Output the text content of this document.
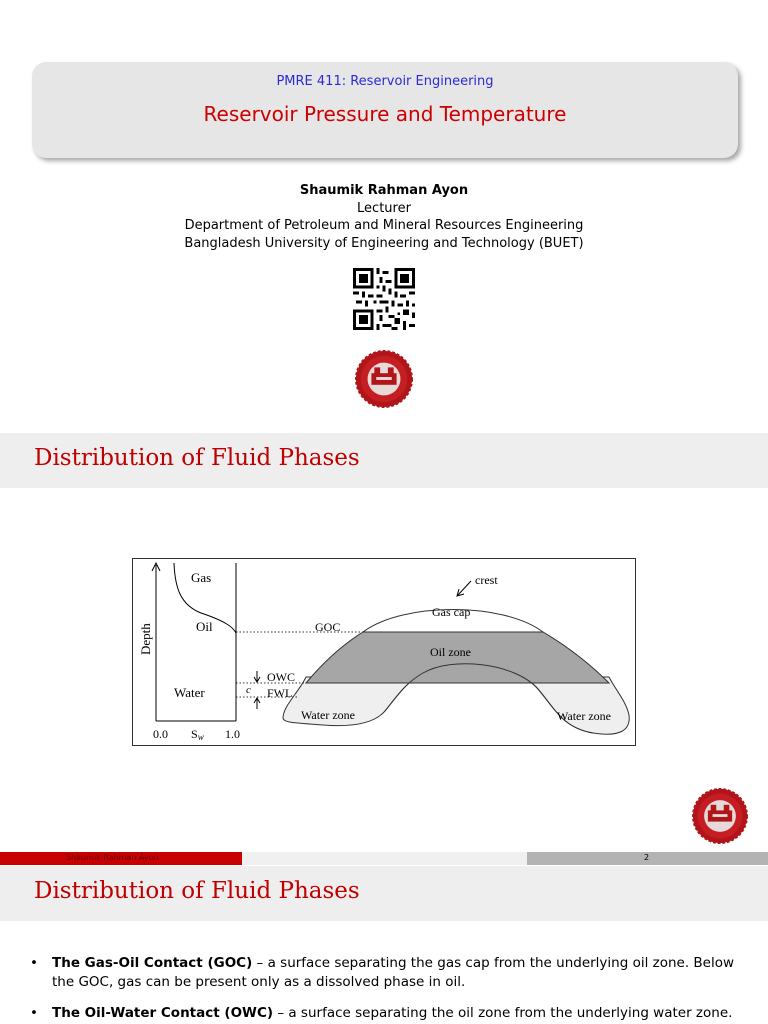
PMRE 411: Reservoir Engineering
Reservoir Pressure and Temperature
Shaumik Rahman Ayon
Lecturer
Department of Petroleum and Mineral Resources Engineering
Bangladesh University of Engineering and Technology (BUET)
Distribution of Fluid Phases
Gas
Oil
Water
Depth
0.0 Sw 1.0
crest
Gas cap
GOC
Oil zone
OWC
c FWL
Water zone	Water zone
Shaumik Rahman Ayon	2
Distribution of Fluid Phases
• The Gas-Oil Contact (GOC) – a surface separating the gas cap from the underlying oil zone. Below the GOC, gas can be present only as a dissolved phase in oil.
• The Oil-Water Contact (OWC) – a surface separating the oil zone from the underlying water zone.
